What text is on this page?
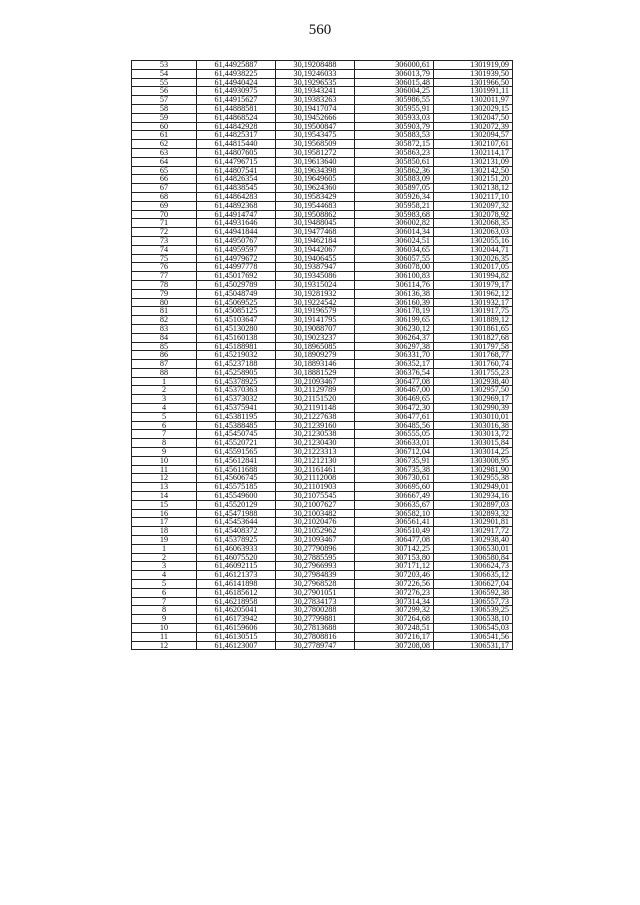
560
53	61,44925887	30,19208488	306000,61	1301919,09
54	61,44938225	30,19246033	306013,79	1301939,50
55	61,44940424	30,19296535	306015,48	1301966,50
56	61,44930975	30,19343241	306004,25	1301991,11
57	61,44915627	30,19383263	305986,55	1302011,97
58	61,44888581	30,19417074	305955,91	1302029,15
59	61,44868524	30,19452666	305933,03	1302047,50
60	61,44842928	30,19500847	305903,79	1302072,39
61	61,44825317	30,19543475	305883,53	1302094,57
62	61,44815440	30,19568509	305872,15	1302107,61
63	61,44807605	30,19581272	305863,23	1302114,17
64	61,44796715	30,19613640	305850,61	1302131,09
65	61,44807541	30,19634398	305862,36	1302142,50
66	61,44826354	30,19649605	305883,09	1302151,20
67	61,44838545	30,19624360	305897,05	1302138,12
68	61,44864283	30,19583429	305926,34	1302117,10
69	61,44892368	30,19544683	305958,21	1302097,32
70	61,44914747	30,19508862	305983,68	1302078,92
71	61,44931646	30,19488045	306002,82	1302068,35
72	61,44941844	30,19477468	306014,34	1302063,03
73	61,44950767	30,19462184	306024,51	1302055,16
74	61,44959597	30,19442067	306034,65	1302044,71
75	61,44979672	30,19406455	306057,55	1302026,35
76	61,44997778	30,19387947	306078,00	1302017,05
77	61,45017692	30,19345086	306100,83	1301994,82
78	61,45029789	30,19315024	306114,76	1301979,17
79	61,45048749	30,19281932	306136,38	1301962,12
80	61,45069525	30,19224542	306160,39	1301932,17
81	61,45085125	30,19196579	306178,19	1301917,75
82	61,45103647	30,19141795	306199,65	1301889,12
83	61,45130280	30,19088707	306230,12	1301861,65
84	61,45160138	30,19023237	306264,37	1301827,68
85	61,45188981	30,18965085	306297,38	1301797,58
86	61,45219032	30,18909279	306331,70	1301768,77
87	61,45237188	30,18893146	306352,17	1301760,74
88	61,45258905	30,18881529	306376,54	1301755,23
1	61,45378925	30,21093467	306477,08	1302938,40
2	61,45370363	30,21129789	306467,00	1302957,50
3	61,45373032	30,21151520	306469,65	1302969,17
4	61,45375941	30,21191148	306472,30	1302990,39
5	61,45381195	30,21227638	306477,61	1303010,01
6	61,45388485	30,21239160	306485,56	1303016,38
7	61,45450745	30,21230538	306555,05	1303013,72
8	61,45520721	30,21230430	306633,01	1303015,84
9	61,45591565	30,21223313	306712,04	1303014,25
10	61,45612841	30,21212130	306735,91	1303008,95
11	61,45611688	30,21161461	306735,38	1302981,90
12	61,45606745	30,21112008	306730,61	1302955,38
13	61,45575185	30,21101903	306695,60	1302949,01
14	61,45549600	30,21075545	306667,49	1302934,16
15	61,45520129	30,21007627	306635,67	1302897,03
16	61,45471988	30,21003482	306582,10	1302893,32
17	61,45453644	30,21020476	306561,41	1302901,81
18	61,45408372	30,21052962	306510,49	1302917,72
19	61,45378925	30,21093467	306477,08	1302938,40
1	61,46063933	30,27790896	307142,25	1306530,01
2	61,46075520	30,27885595	307153,80	1306580,84
3	61,46092115	30,27966993	307171,12	1306624,73
4	61,46121373	30,27984839	307203,46	1306635,12
5	61,46141898	30,27968528	307226,56	1306627,04
6	61,46185612	30,27901051	307276,23	1306592,38
7	61,46218958	30,27834173	307314,34	1306557,73
8	61,46205041	30,27800288	307299,32	1306539,25
9	61,46173942	30,27799881	307264,68	1306538,10
10	61,46159606	30,27813688	307248,51	1306545,03
11	61,46130515	30,27808816	307216,17	1306541,56
12	61,46123007	30,27789747	307208,08	1306531,17
